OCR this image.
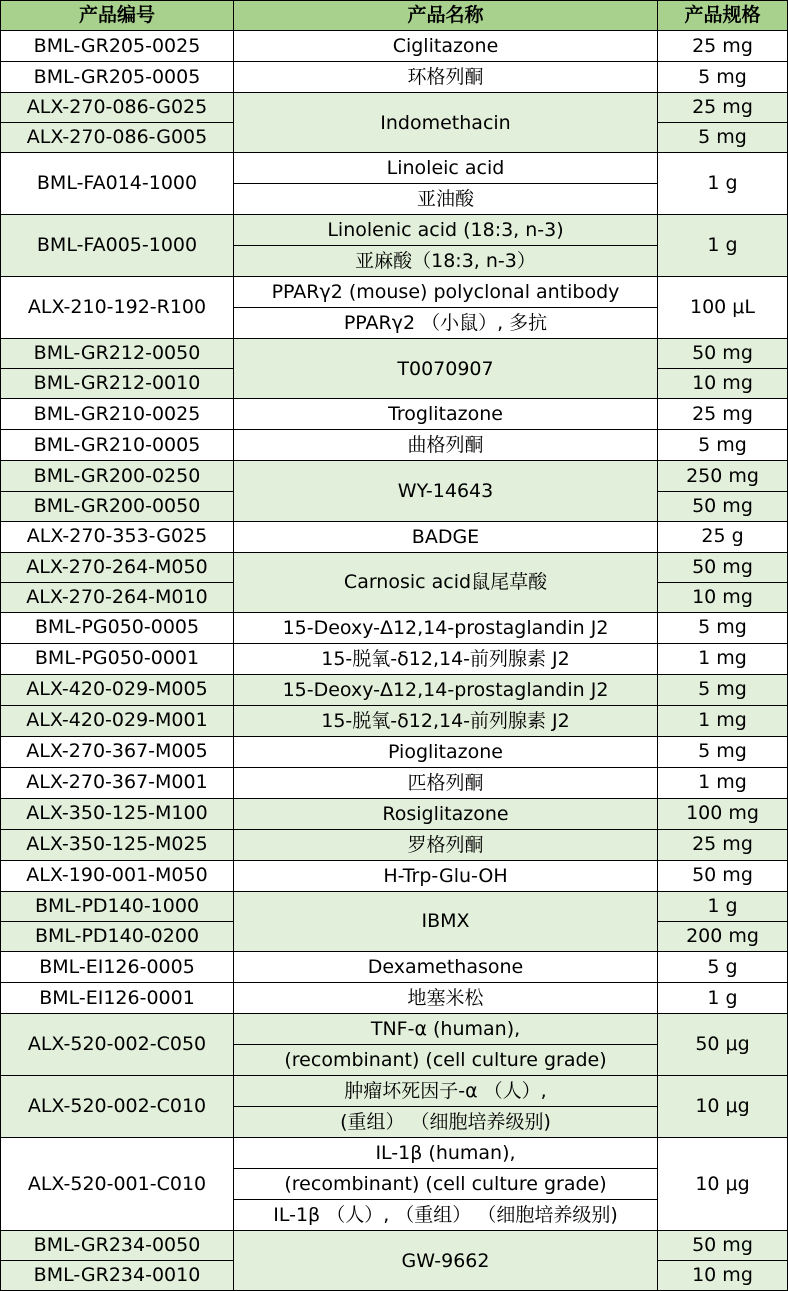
产品编号	产品名称	产品规格
BML-GR205-0025	Ciglitazone	25 mg
BML-GR205-0005	环格列酮	5 mg
ALX-270-086-G025	Indomethacin	25 mg
ALX-270-086-G005		5 mg
BML-FA014-1000	Linoleic acid	1 g
	亚油酸	
BML-FA005-1000	Linolenic acid (18:3, n-3)	1 g
	亚麻酸（18:3, n-3）	
ALX-210-192-R100	PPARγ2 (mouse) polyclonal antibody	100 μL
	PPARγ2 （小鼠）, 多抗	
BML-GR212-0050	T0070907	50 mg
BML-GR212-0010		10 mg
BML-GR210-0025	Troglitazone	25 mg
BML-GR210-0005	曲格列酮	5 mg
BML-GR200-0250	WY-14643	250 mg
BML-GR200-0050		50 mg
ALX-270-353-G025	BADGE	25 g
ALX-270-264-M050	Carnosic acid鼠尾草酸	50 mg
ALX-270-264-M010		10 mg
BML-PG050-0005	15-Deoxy-Δ12,14-prostaglandin J2	5 mg
BML-PG050-0001	15-脱氧-δ12,14-前列腺素 J2	1 mg
ALX-420-029-M005	15-Deoxy-Δ12,14-prostaglandin J2	5 mg
ALX-420-029-M001	15-脱氧-δ12,14-前列腺素 J2	1 mg
ALX-270-367-M005	Pioglitazone	5 mg
ALX-270-367-M001	匹格列酮	1 mg
ALX-350-125-M100	Rosiglitazone	100 mg
ALX-350-125-M025	罗格列酮	25 mg
ALX-190-001-M050	H-Trp-Glu-OH	50 mg
BML-PD140-1000	IBMX	1 g
BML-PD140-0200		200 mg
BML-EI126-0005	Dexamethasone	5 g
BML-EI126-0001	地塞米松	1 g
ALX-520-002-C050	TNF-α (human),	50 μg
	(recombinant) (cell culture grade)	
ALX-520-002-C010	肿瘤坏死因子-α （人）,	10 μg
	(重组） （细胞培养级别)	
ALX-520-001-C010	IL-1β (human),	10 μg
	(recombinant) (cell culture grade)	
	IL-1β （人）, （重组） （细胞培养级别)	
BML-GR234-0050	GW-9662	50 mg
BML-GR234-0010		10 mg
